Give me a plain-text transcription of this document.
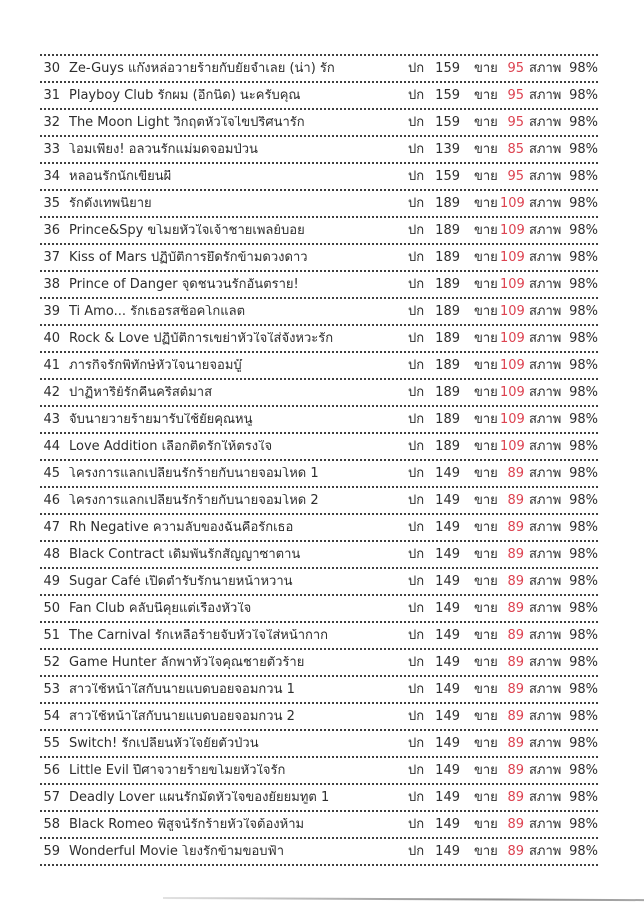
30 Ze-Guys แก๊งหล่อวายร้ายกับยัยจำเลย (น่า) รัก	ปก 159 ขาย 95 สภาพ 98%
31 Playboy Club รักผม (อีกนิด) นะครับคุณ	ปก 159 ขาย 95 สภาพ 98%
32 The Moon Light วิกฤตหัวใจไขปริศนารัก	ปก 159 ขาย 95 สภาพ 98%
33 โอมเพี้ยง! อลวนรักแม่มดจอมป่วน	ปก 139 ขาย 85 สภาพ 98%
34 หลอนรักนักเขียนผี	ปก 159 ขาย 95 สภาพ 98%
35 รักดั่งเทพนิยาย	ปก 189 ขาย 109 สภาพ 98%
36 Prince&Spy ขโมยหัวใจเจ้าชายเพลย์บอย	ปก 189 ขาย 109 สภาพ 98%
37 Kiss of Mars ปฏิบัติการยึดรักข้ามดวงดาว	ปก 189 ขาย 109 สภาพ 98%
38 Prince of Danger จุดชนวนรักอันตราย!	ปก 189 ขาย 109 สภาพ 98%
39 Ti Amo... รักเธอรสช็อคโกแลต	ปก 189 ขาย 109 สภาพ 98%
40 Rock & Love ปฏิบัติการเขย่าหัวใจใส่จังหวะรัก	ปก 189 ขาย 109 สภาพ 98%
41 ภารกิจรักพิทักษ์หัวใจนายจอมบู๊	ปก 189 ขาย 109 สภาพ 98%
42 ปาฏิหาริย์รักคืนคริสต์มาส	ปก 189 ขาย 109 สภาพ 98%
43 จับนายวายร้ายมารับใช้ยัยคุณหนู	ปก 189 ขาย 109 สภาพ 98%
44 Love Addition เลือกติดรักให้ตรงใจ	ปก 189 ขาย 109 สภาพ 98%
45 โครงการแลกเปลี่ยนรักร้ายกับนายจอมโหด 1	ปก 149 ขาย 89 สภาพ 98%
46 โครงการแลกเปลี่ยนรักร้ายกับนายจอมโหด 2	ปก 149 ขาย 89 สภาพ 98%
47 Rh Negative ความลับของฉันคือรักเธอ	ปก 149 ขาย 89 สภาพ 98%
48 Black Contract เดิมพันรักสัญญาซาตาน	ปก 149 ขาย 89 สภาพ 98%
49 Sugar Café เปิดตำรับรักนายหน้าหวาน	ปก 149 ขาย 89 สภาพ 98%
50 Fan Club คลับนี้คุยแต่เรื่องหัวใจ	ปก 149 ขาย 89 สภาพ 98%
51 The Carnival รักเหลือร้ายจับหัวใจใส่หน้ากาก	ปก 149 ขาย 89 สภาพ 98%
52 Game Hunter ลักพาหัวใจคุณชายตัวร้าย	ปก 149 ขาย 89 สภาพ 98%
53 สาวใช้หน้าใสกับนายแบดบอยจอมกวน 1	ปก 149 ขาย 89 สภาพ 98%
54 สาวใช้หน้าใสกับนายแบดบอยจอมกวน 2	ปก 149 ขาย 89 สภาพ 98%
55 Switch! รักเปลี่ยนหัวใจยัยตัวป่วน	ปก 149 ขาย 89 สภาพ 98%
56 Little Evil ปีศาจวายร้ายขโมยหัวใจรัก	ปก 149 ขาย 89 สภาพ 98%
57 Deadly Lover แผนรักมัดหัวใจของยัยยมทูต 1	ปก 149 ขาย 89 สภาพ 98%
58 Black Romeo พิสูจน์รักร้ายหัวใจต้องห้าม	ปก 149 ขาย 89 สภาพ 98%
59 Wonderful Movie โยงรักข้ามขอบฟ้า	ปก 149 ขาย 89 สภาพ 98%
